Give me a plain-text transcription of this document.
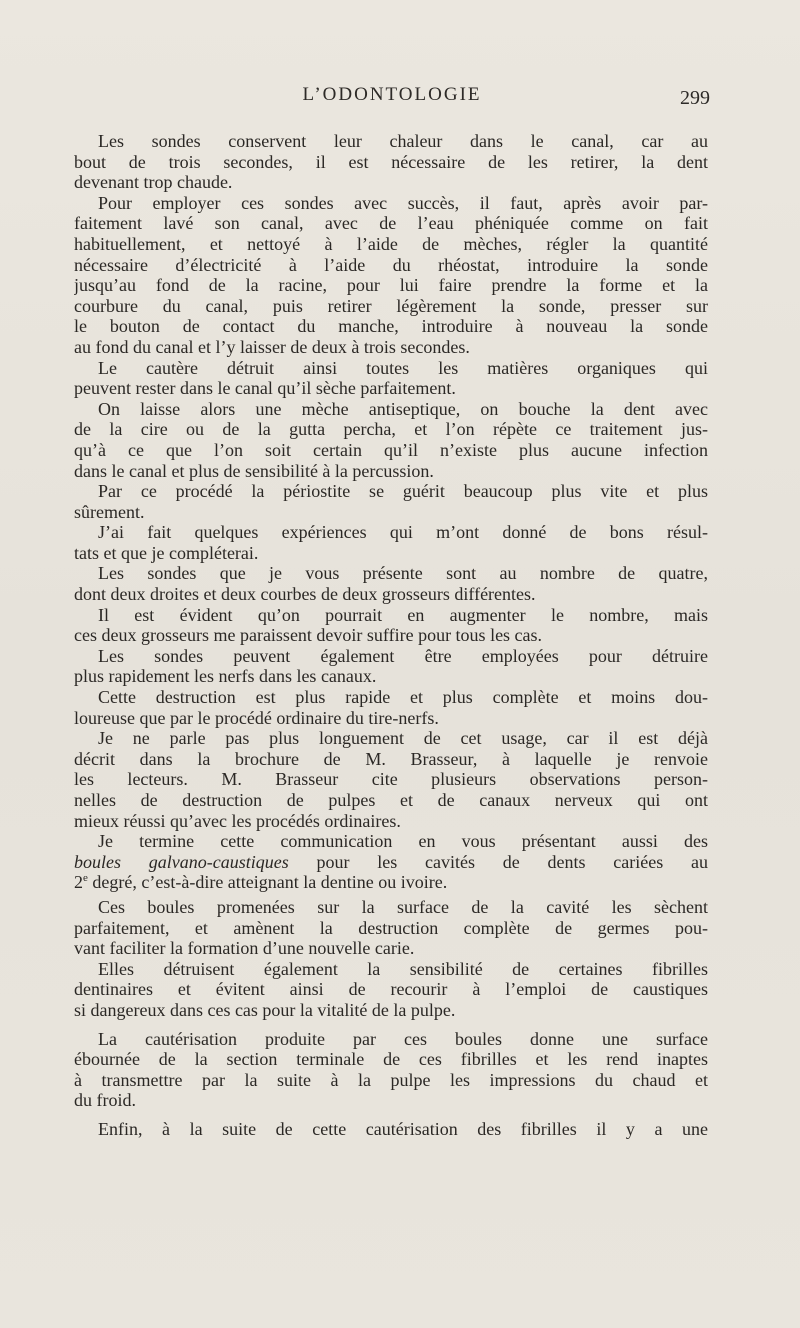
L’ODONTOLOGIE	299
Les sondes conservent leur chaleur dans le canal, car au
bout de trois secondes, il est nécessaire de les retirer, la dent
devenant trop chaude.
Pour employer ces sondes avec succès, il faut, après avoir par-
faitement lavé son canal, avec de l’eau phéniquée comme on fait
habituellement, et nettoyé à l’aide de mèches, régler la quantité
nécessaire d’électricité à l’aide du rhéostat, introduire la sonde
jusqu’au fond de la racine, pour lui faire prendre la forme et la
courbure du canal, puis retirer légèrement la sonde, presser sur
le bouton de contact du manche, introduire à nouveau la sonde
au fond du canal et l’y laisser de deux à trois secondes.
Le cautère détruit ainsi toutes les matières organiques qui
peuvent rester dans le canal qu’il sèche parfaitement.
On laisse alors une mèche antiseptique, on bouche la dent avec
de la cire ou de la gutta percha, et l’on répète ce traitement jus-
qu’à ce que l’on soit certain qu’il n’existe plus aucune infection
dans le canal et plus de sensibilité à la percussion.
Par ce procédé la périostite se guérit beaucoup plus vite et plus
sûrement.
J’ai fait quelques expériences qui m’ont donné de bons résul-
tats et que je compléterai.
Les sondes que je vous présente sont au nombre de quatre,
dont deux droites et deux courbes de deux grosseurs différentes.
Il est évident qu’on pourrait en augmenter le nombre, mais
ces deux grosseurs me paraissent devoir suffire pour tous les cas.
Les sondes peuvent également être employées pour détruire
plus rapidement les nerfs dans les canaux.
Cette destruction est plus rapide et plus complète et moins dou-
loureuse que par le procédé ordinaire du tire-nerfs.
Je ne parle pas plus longuement de cet usage, car il est déjà
décrit dans la brochure de M. Brasseur, à laquelle je renvoie
les lecteurs. M. Brasseur cite plusieurs observations person-
nelles de destruction de pulpes et de canaux nerveux qui ont
mieux réussi qu’avec les procédés ordinaires.
Je termine cette communication en vous présentant aussi des
boules galvano-caustiques pour les cavités de dents cariées au
2e degré, c’est-à-dire atteignant la dentine ou ivoire.
Ces boules promenées sur la surface de la cavité les sèchent
parfaitement, et amènent la destruction complète de germes pou-
vant faciliter la formation d’une nouvelle carie.
Elles détruisent également la sensibilité de certaines fibrilles
dentinaires et évitent ainsi de recourir à l’emploi de caustiques
si dangereux dans ces cas pour la vitalité de la pulpe.
La cautérisation produite par ces boules donne une surface
ébournée de la section terminale de ces fibrilles et les rend inaptes
à transmettre par la suite à la pulpe les impressions du chaud et
du froid.
Enfin, à la suite de cette cautérisation des fibrilles il y a une
